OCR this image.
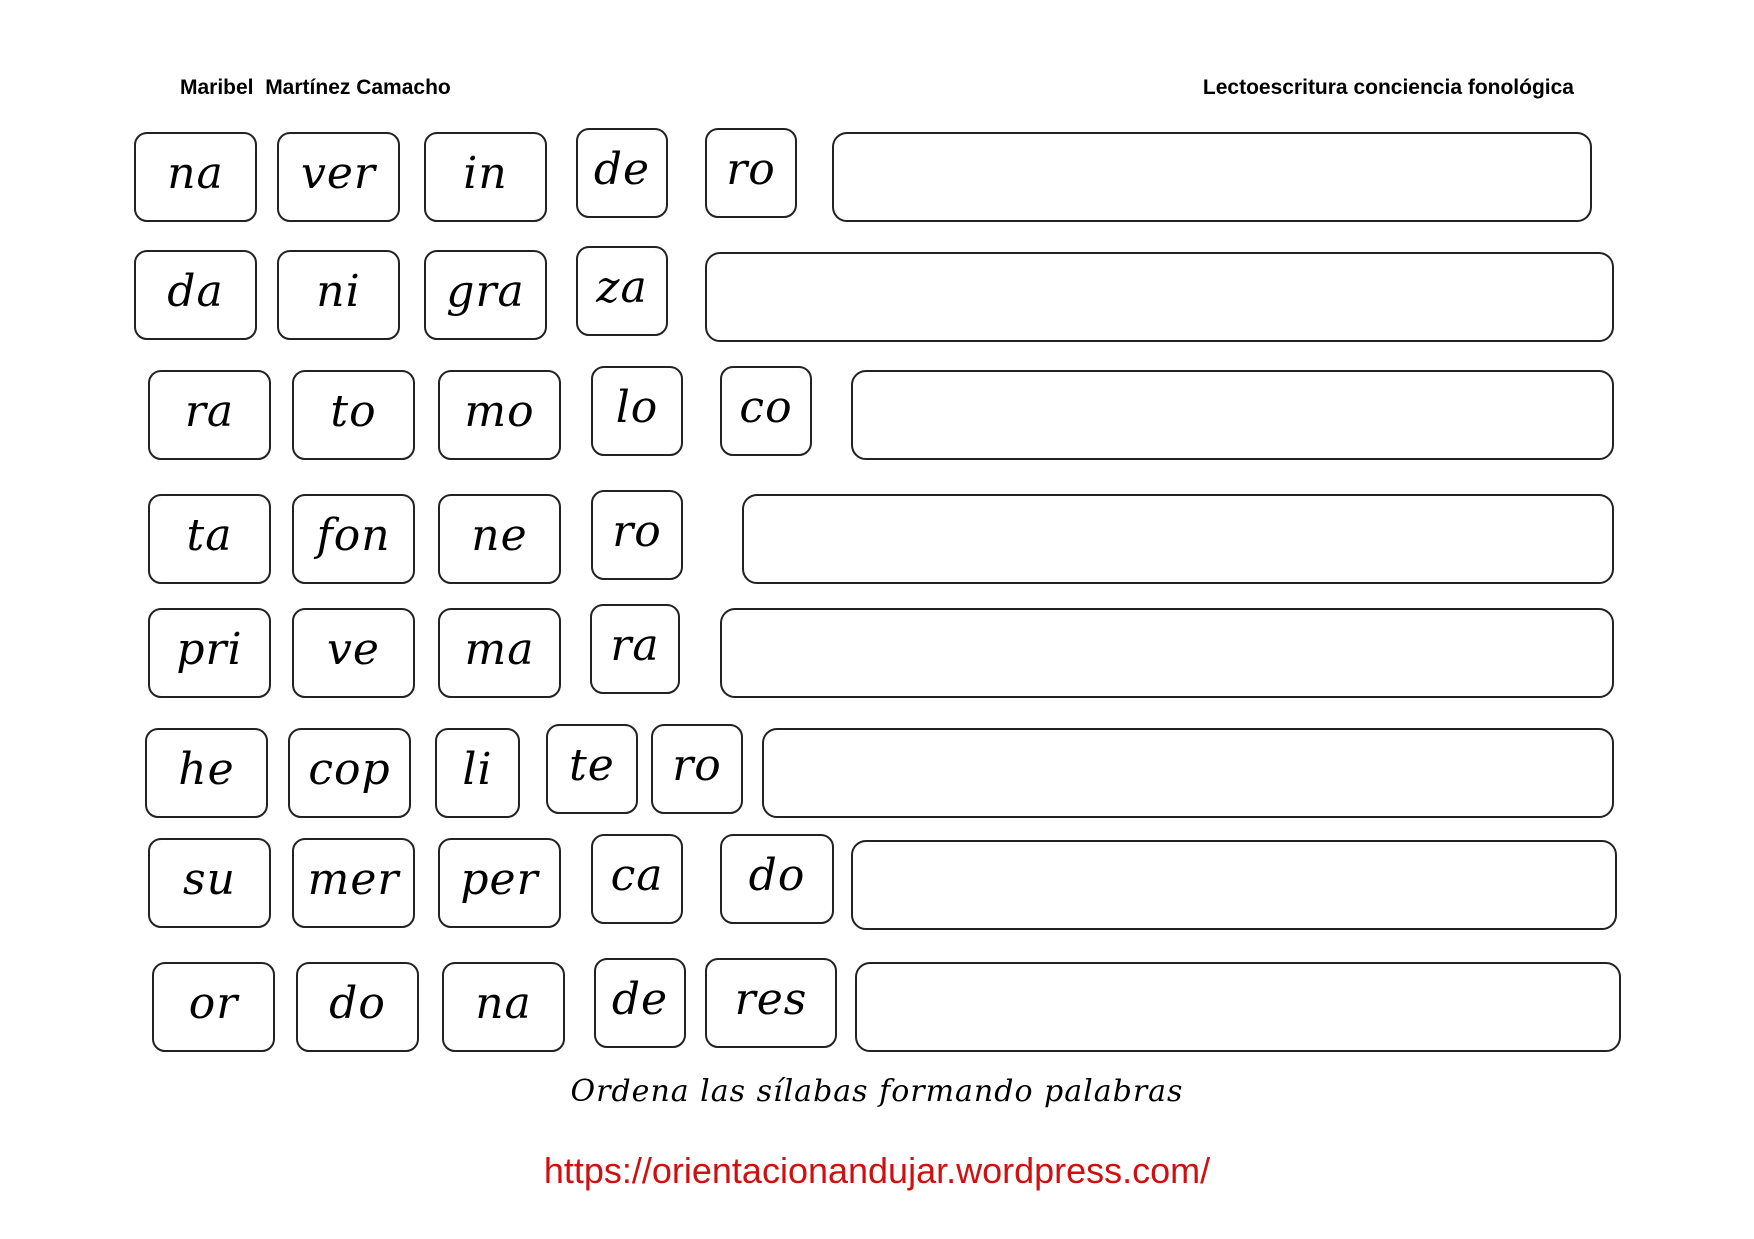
Maribel  Martínez Camacho	Lectoescritura conciencia fonológica
na	ver	in	de	ro
da	ni	gra	za
ra	to	mo	lo	co
ta	fon	ne	ro
pri	ve	ma	ra
he	cop	li	te	ro
su	mer	per	ca	do
or	do	na	de	res
Ordena las sílabas formando palabras
https://orientacionandujar.wordpress.com/
